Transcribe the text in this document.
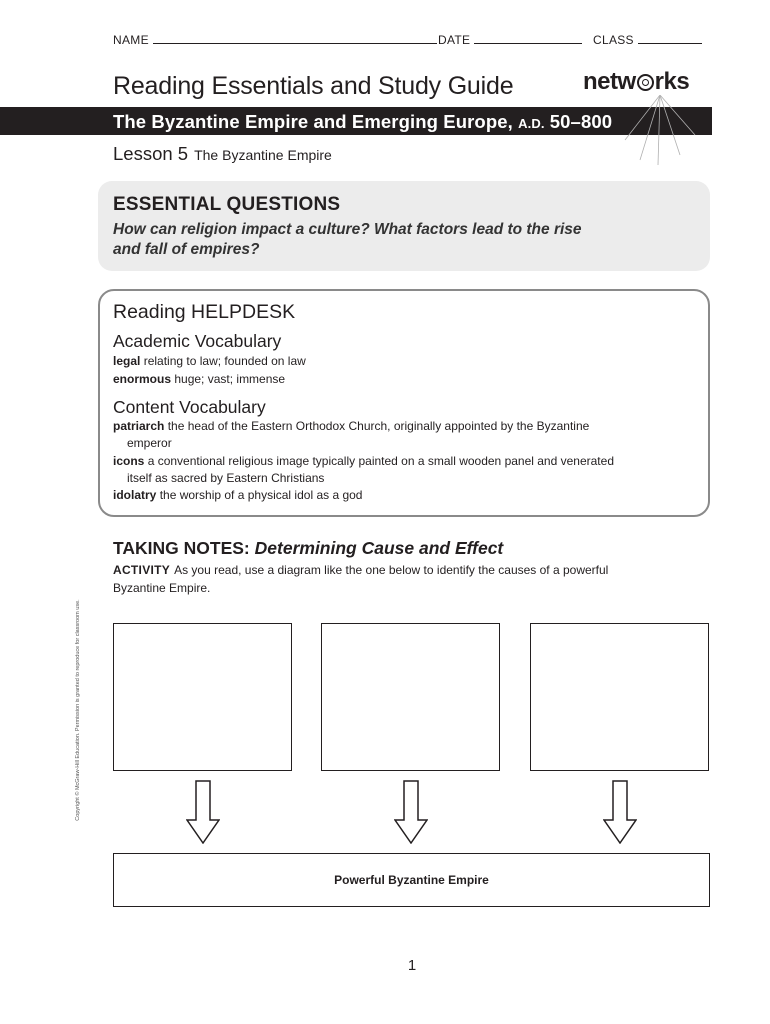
NAME	DATE	CLASS
Reading Essentials and Study Guide	netw rks
The Byzantine Empire and Emerging Europe, A.D. 50–800
Lesson 5 The Byzantine Empire
ESSENTIAL QUESTIONS
How can religion impact a culture? What factors lead to the rise
and fall of empires?
Reading HELPDESK
Academic Vocabulary
legal relating to law; founded on law
enormous huge; vast; immense
Content Vocabulary
patriarch the head of the Eastern Orthodox Church, originally appointed by the Byzantine
emperor
icons a conventional religious image typically painted on a small wooden panel and venerated
itself as sacred by Eastern Christians
idolatry the worship of a physical idol as a god
TAKING NOTES: Determining Cause and Effect
ACTIVITY As you read, use a diagram like the one below to identify the causes of a powerful
Byzantine Empire.
Powerful Byzantine Empire
1
Copyright © McGraw-Hill Education. Permission is granted to reproduce for classroom use.
